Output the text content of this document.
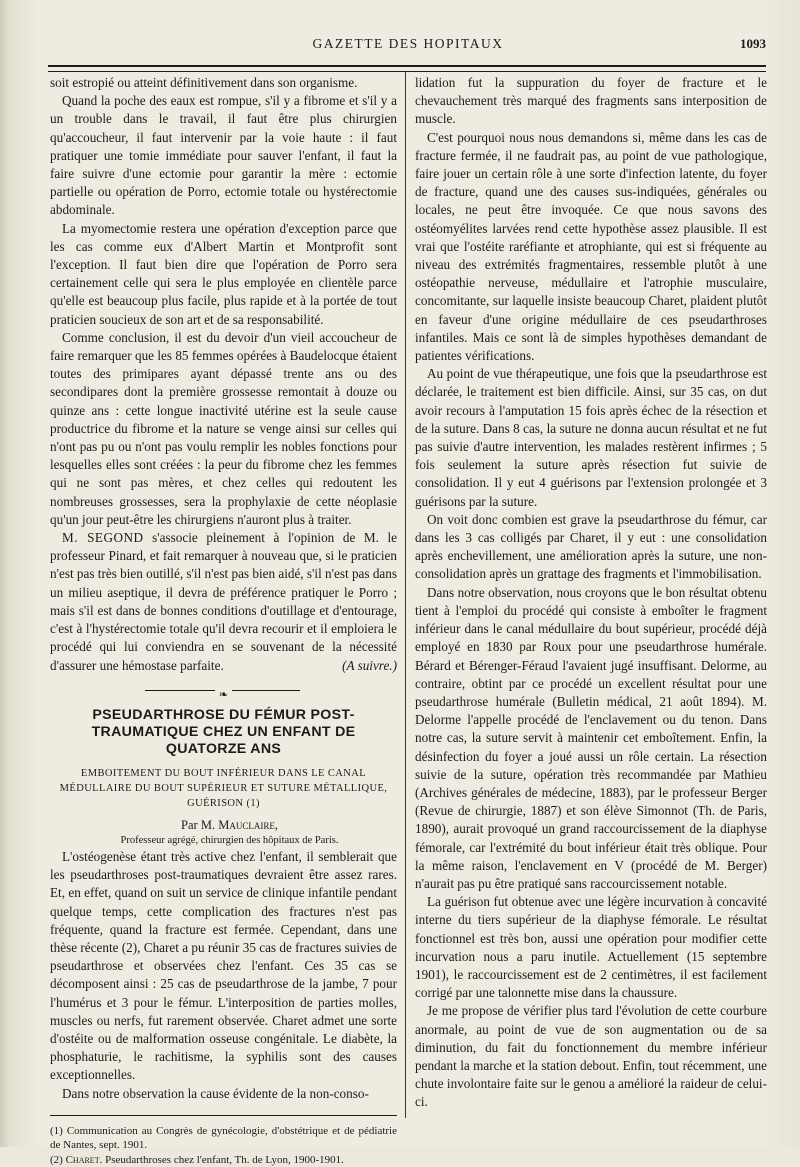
GAZETTE DES HOPITAUX	1093

soit estropié ou atteint définitivement dans son organisme.

Quand la poche des eaux est rompue, s'il y a fibrome et s'il y a un trouble dans le travail, il faut être plus chirurgien qu'accoucheur, il faut intervenir par la voie haute : il faut pratiquer une tomie immédiate pour sauver l'enfant, il faut la faire suivre d'une ectomie pour garantir la mère : ectomie partielle ou opération de Porro, ectomie totale ou hystérectomie abdominale.

La myomectomie restera une opération d'exception parce que les cas comme eux d'Albert Martin et Montprofit sont l'exception. Il faut bien dire que l'opération de Porro sera certainement celle qui sera le plus employée en clientèle parce qu'elle est beaucoup plus facile, plus rapide et à la portée de tout praticien soucieux de son art et de sa responsabilité.

Comme conclusion, il est du devoir d'un vieil accoucheur de faire remarquer que les 85 femmes opérées à Baudelocque étaient toutes des primipares ayant dépassé trente ans ou des secondipares dont la première grossesse remontait à douze ou quinze ans : cette longue inactivité utérine est la seule cause productrice du fibrome et la nature se venge ainsi sur celles qui n'ont pas pu ou n'ont pas voulu remplir les nobles fonctions pour lesquelles elles sont créées : la peur du fibrome chez les femmes qui ne sont pas mères, et chez celles qui redoutent les nombreuses grossesses, sera la prophylaxie de cette néoplasie qu'un jour peut-être les chirurgiens n'auront plus à traiter.

M. SEGOND s'associe pleinement à l'opinion de M. le professeur Pinard, et fait remarquer à nouveau que, si le praticien n'est pas très bien outillé, s'il n'est pas bien aidé, s'il n'est pas dans un milieu aseptique, il devra de préférence pratiquer le Porro ; mais s'il est dans de bonnes conditions d'outillage et d'entourage, c'est à l'hystérectomie totale qu'il devra recourir et il emploiera le procédé qui lui conviendra en se souvenant de la nécessité d'assurer une hémostase parfaite.	(A suivre.)
❧
PSEUDARTHROSE DU FÉMUR POST-TRAUMATIQUE CHEZ UN ENFANT DE QUATORZE ANS
EMBOITEMENT DU BOUT INFÉRIEUR DANS LE CANAL MÉDULLAIRE DU BOUT SUPÉRIEUR ET SUTURE MÉTALLIQUE, GUÉRISON (1)

Par M. Mauclaire,

Professeur agrégé, chirurgien des hôpitaux de Paris.

L'ostéogenèse étant très active chez l'enfant, il semblerait que les pseudarthroses post-traumatiques devraient être assez rares. Et, en effet, quand on suit un service de clinique infantile pendant quelque temps, cette complication des fractures n'est pas fréquente, quand la fracture est fermée. Cependant, dans une thèse récente (2), Charet a pu réunir 35 cas de fractures suivies de pseudarthrose et observées chez l'enfant. Ces 35 cas se décomposent ainsi : 25 cas de pseudarthrose de la jambe, 7 pour l'humérus et 3 pour le fémur. L'interposition de parties molles, muscles ou nerfs, fut rarement observée. Charet admet une sorte d'ostéite ou de malformation osseuse congénitale. Le diabète, la phosphaturie, le rachitisme, la syphilis sont des causes exceptionnelles.

Dans notre observation la cause évidente de la non-conso-

(1) Communication au Congrès de gynécologie, d'obstétrique et de pédiatrie de Nantes, sept. 1901.

(2) Charet. Pseudarthroses chez l'enfant, Th. de Lyon, 1900-1901.

lidation fut la suppuration du foyer de fracture et le chevauchement très marqué des fragments sans interposition de muscle.

C'est pourquoi nous nous demandons si, même dans les cas de fracture fermée, il ne faudrait pas, au point de vue pathologique, faire jouer un certain rôle à une sorte d'infection latente, du foyer de fracture, quand une des causes sus-indiquées, générales ou locales, ne peut être invoquée. Ce que nous savons des ostéomyélites larvées rend cette hypothèse assez plausible. Il est vrai que l'ostéite raréfiante et atrophiante, qui est si fréquente au niveau des extrémités fragmentaires, ressemble plutôt à une ostéopathie nerveuse, médullaire et l'atrophie musculaire, concomitante, sur laquelle insiste beaucoup Charet, plaident plutôt en faveur d'une origine médullaire de ces pseudarthroses infantiles. Mais ce sont là de simples hypothèses demandant de patientes vérifications.

Au point de vue thérapeutique, une fois que la pseudarthrose est déclarée, le traitement est bien difficile. Ainsi, sur 35 cas, on dut avoir recours à l'amputation 15 fois après échec de la résection et de la suture. Dans 8 cas, la suture ne donna aucun résultat et ne fut pas suivie d'autre intervention, les malades restèrent infirmes ; 5 fois seulement la suture après résection fut suivie de consolidation. Il y eut 4 guérisons par l'extension prolongée et 3 guérisons par la suture.

On voit donc combien est grave la pseudarthrose du fémur, car dans les 3 cas colligés par Charet, il y eut : une consolidation après enchevillement, une amélioration après la suture, une non-consolidation après un grattage des fragments et l'immobilisation.

Dans notre observation, nous croyons que le bon résultat obtenu tient à l'emploi du procédé qui consiste à emboîter le fragment inférieur dans le canal médullaire du bout supérieur, procédé déjà employé en 1830 par Roux pour une pseudarthrose humérale. Bérard et Bérenger-Féraud l'avaient jugé insuffisant. Delorme, au contraire, obtint par ce procédé un excellent résultat pour une pseudarthrose humérale (Bulletin médical, 21 août 1894). M. Delorme l'appelle procédé de l'enclavement ou du tenon. Dans notre cas, la suture servit à maintenir cet emboîtement. Enfin, la désinfection du foyer a joué aussi un rôle certain. La résection suivie de la suture, opération très recommandée par Mathieu (Archives générales de médecine, 1883), par le professeur Berger (Revue de chirurgie, 1887) et son élève Simonnot (Th. de Paris, 1890), aurait provoqué un grand raccourcissement de la diaphyse fémorale, car l'extrémité du bout inférieur était très oblique. Pour la même raison, l'enclavement en V (procédé de M. Berger) n'aurait pas pu être pratiqué sans raccourcissement notable.

La guérison fut obtenue avec une légère incurvation à concavité interne du tiers supérieur de la diaphyse fémorale. Le résultat fonctionnel est très bon, aussi une opération pour modifier cette incurvation nous a paru inutile. Actuellement (15 septembre 1901), le raccourcissement est de 2 centimètres, il est facilement corrigé par une talonnette mise dans la chaussure.

Je me propose de vérifier plus tard l'évolution de cette courbure anormale, au point de vue de son augmentation ou de sa diminution, du fait du fonctionnement du membre inférieur pendant la marche et la station debout. Enfin, tout récemment, une chute involontaire faite sur le genou a amélioré la raideur de celui-ci.
